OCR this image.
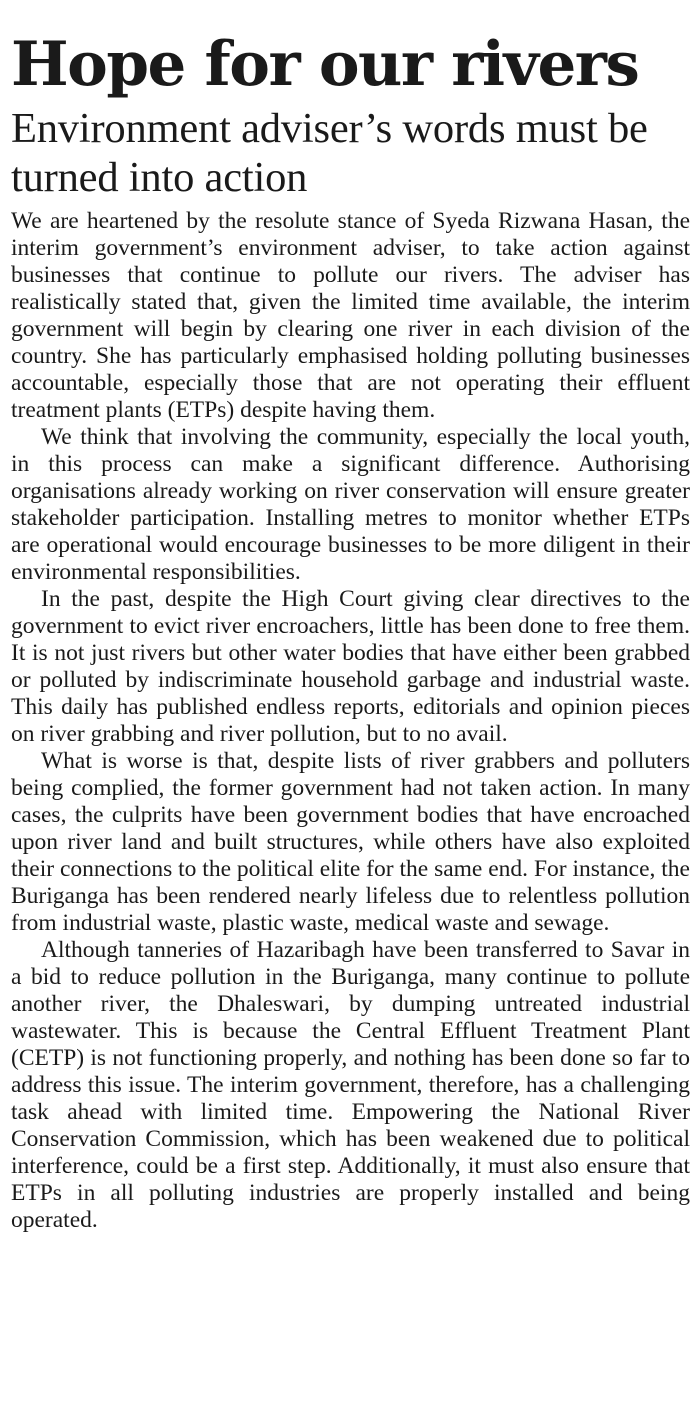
Hope for our rivers
Environment adviser’s words must be turned into action

We are heartened by the resolute stance of Syeda Rizwana Hasan, the interim government’s environment adviser, to take action against businesses that continue to pollute our rivers. The adviser has realistically stated that, given the limited time available, the interim government will begin by clearing one river in each division of the country. She has particularly emphasised holding polluting businesses accountable, especially those that are not operating their effluent treatment plants (ETPs) despite having them.

We think that involving the community, especially the local youth, in this process can make a significant difference. Authorising organisations already working on river conservation will ensure greater stakeholder participation. Installing metres to monitor whether ETPs are operational would encourage businesses to be more diligent in their environmental responsibilities.

In the past, despite the High Court giving clear directives to the government to evict river encroachers, little has been done to free them. It is not just rivers but other water bodies that have either been grabbed or polluted by indiscriminate household garbage and industrial waste. This daily has published endless reports, editorials and opinion pieces on river grabbing and river pollution, but to no avail.

What is worse is that, despite lists of river grabbers and polluters being complied, the former government had not taken action. In many cases, the culprits have been government bodies that have encroached upon river land and built structures, while others have also exploited their connections to the political elite for the same end. For instance, the Buriganga has been rendered nearly lifeless due to relentless pollution from industrial waste, plastic waste, medical waste and sewage.

Although tanneries of Hazaribagh have been transferred to Savar in a bid to reduce pollution in the Buriganga, many continue to pollute another river, the Dhaleswari, by dumping untreated industrial wastewater. This is because the Central Effluent Treatment Plant (CETP) is not functioning properly, and nothing has been done so far to address this issue. The interim government, therefore, has a challenging task ahead with limited time. Empowering the National River Conservation Commission, which has been weakened due to political interference, could be a first step. Additionally, it must also ensure that ETPs in all polluting industries are properly installed and being operated.
